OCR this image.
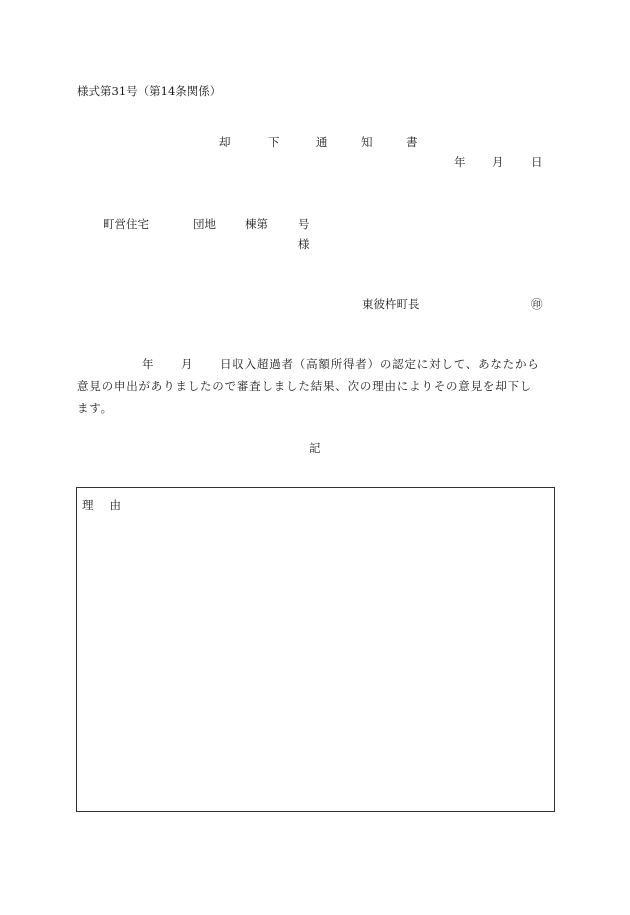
様式第31号（第14条関係）
却	下	通	知	書
年 月 日
町営住宅	団地	棟第	号
様
東彼杵町長	㊞
年 月 日収入超過者（高額所得者）の認定に対して、あなたから
意見の申出がありましたので審査しました結果、次の理由によりその意見を却下し
ます。
記
理 由
